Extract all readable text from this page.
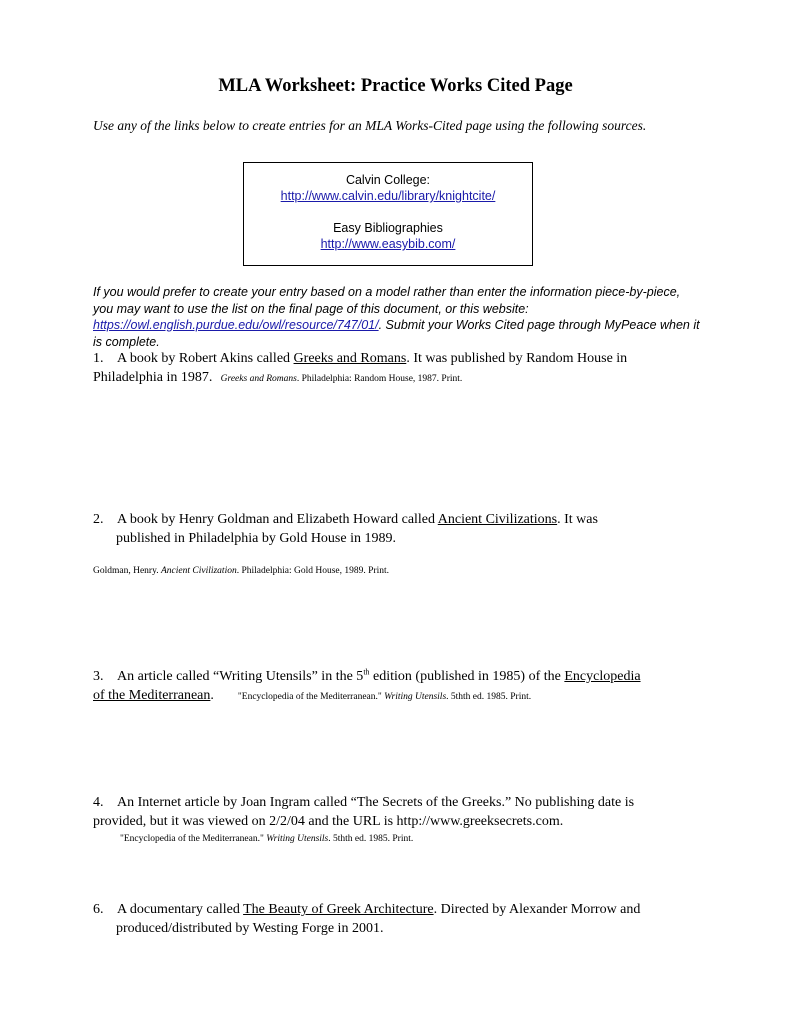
MLA Worksheet: Practice Works Cited Page
Use any of the links below to create entries for an MLA Works-Cited page using the following sources.
Calvin College:
http://www.calvin.edu/library/knightcite/
Easy Bibliographies
http://www.easybib.com/
If you would prefer to create your entry based on a model rather than enter the information piece-by-piece, you may want to use the list on the final page of this document, or this website: https://owl.english.purdue.edu/owl/resource/747/01/. Submit your Works Cited page through MyPeace when it is complete.
1. A book by Robert Akins called Greeks and Romans. It was published by Random House in Philadelphia in 1987. Greeks and Romans. Philadelphia: Random House, 1987. Print.
2. A book by Henry Goldman and Elizabeth Howard called Ancient Civilizations. It was
published in Philadelphia by Gold House in 1989.
Goldman, Henry. Ancient Civilization. Philadelphia: Gold House, 1989. Print.
3. An article called “Writing Utensils” in the 5th edition (published in 1985) of the Encyclopedia
of the Mediterranean.	"Encyclopedia of the Mediterranean." Writing Utensils. 5thth ed. 1985. Print.
4. An Internet article by Joan Ingram called “The Secrets of the Greeks.” No publishing date is
provided, but it was viewed on 2/2/04 and the URL is http://www.greeksecrets.com.
"Encyclopedia of the Mediterranean." Writing Utensils. 5thth ed. 1985. Print.
6. A documentary called The Beauty of Greek Architecture. Directed by Alexander Morrow and
produced/distributed by Westing Forge in 2001.
